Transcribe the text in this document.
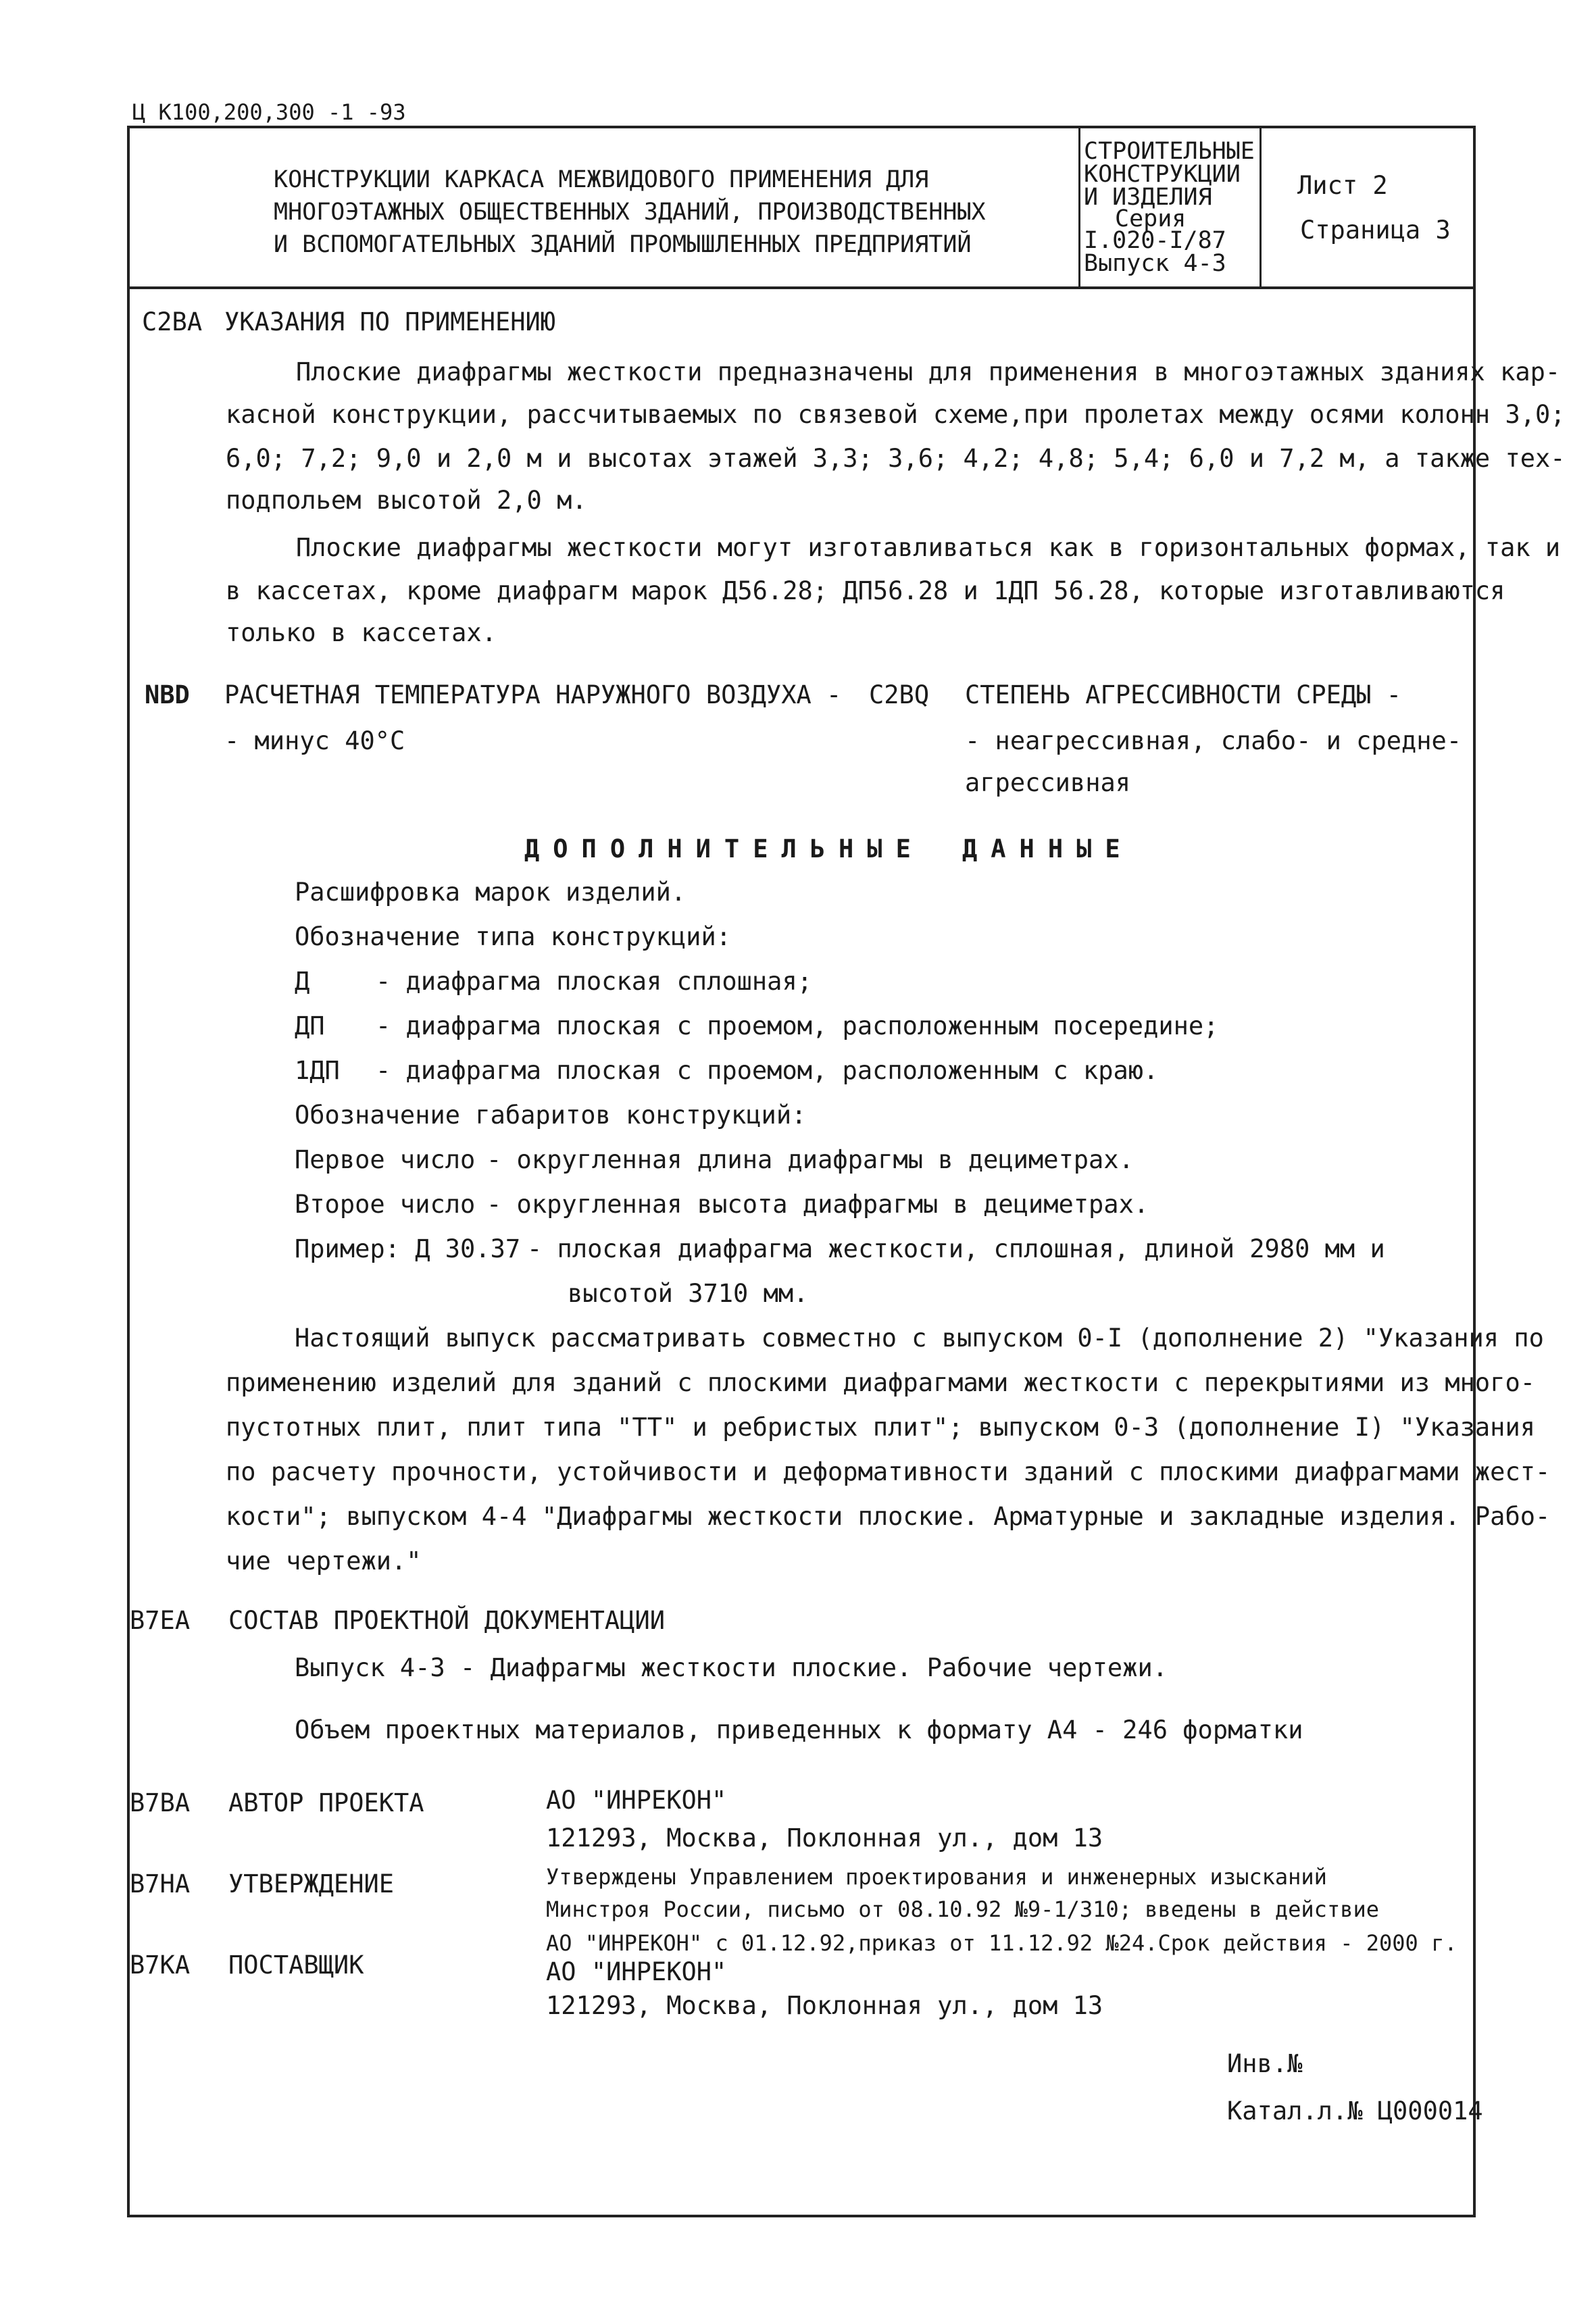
Ц К100,200,300 -1 -93
КОНСТРУКЦИИ КАРКАСА МЕЖВИДОВОГО ПРИМЕНЕНИЯ ДЛЯ
МНОГОЭТАЖНЫХ ОБЩЕСТВЕННЫХ ЗДАНИЙ, ПРОИЗВОДСТВЕННЫХ
И ВСПОМОГАТЕЛЬНЫХ ЗДАНИЙ ПРОМЫШЛЕННЫХ ПРЕДПРИЯТИЙ
СТРОИТЕЛЬНЫЕ
КОНСТРУКЦИИ
И ИЗДЕЛИЯ
Серия
I.020-I/87
Выпуск 4-3
Лист 2
Страница 3
C2BA УКАЗАНИЯ ПО ПРИМЕНЕНИЮ
Плоские диафрагмы жесткости предназначены для применения в многоэтажных зданиях кар-
касной конструкции, рассчитываемых по связевой схеме,при пролетах между осями колонн 3,0;
6,0; 7,2; 9,0 и 2,0 м и высотах этажей 3,3; 3,6; 4,2; 4,8; 5,4; 6,0 и 7,2 м, а также тех-
подпольем высотой 2,0 м.
Плоские диафрагмы жесткости могут изготавливаться как в горизонтальных формах, так и
в кассетах, кроме диафрагм марок Д56.28; ДП56.28 и 1ДП 56.28, которые изготавливаются
только в кассетах.
NBD РАСЧЕТНАЯ ТЕМПЕРАТУРА НАРУЖНОГО ВОЗДУХА -
- минус 40°С
C2BQ СТЕПЕНЬ АГРЕССИВНОСТИ СРЕДЫ -
- неагрессивная, слабо- и средне-
агрессивная
ДОПОЛНИТЕЛЬНЫЕ ДАННЫЕ
Расшифровка марок изделий.
Обозначение типа конструкций:
Д	- диафрагма плоская сплошная;
ДП - диафрагма плоская с проемом, расположенным посередине;
1ДП - диафрагма плоская с проемом, расположенным с краю.
Обозначение габаритов конструкций:
Первое число - округленная длина диафрагмы в дециметрах.
Второе число - округленная высота диафрагмы в дециметрах.
Пример: Д 30.37 - плоская диафрагма жесткости, сплошная, длиной 2980 мм и
высотой 3710 мм.
Настоящий выпуск рассматривать совместно с выпуском 0-I (дополнение 2) "Указания по
применению изделий для зданий с плоскими диафрагмами жесткости с перекрытиями из много-
пустотных плит, плит типа "ТТ" и ребристых плит"; выпуском 0-3 (дополнение I) "Указания
по расчету прочности, устойчивости и деформативности зданий с плоскими диафрагмами жест-
кости"; выпуском 4-4 "Диафрагмы жесткости плоские. Арматурные и закладные изделия. Рабо-
чие чертежи."
B7EA СОСТАВ ПРОЕКТНОЙ ДОКУМЕНТАЦИИ
Выпуск 4-3 - Диафрагмы жесткости плоские. Рабочие чертежи.
Объем проектных материалов, приведенных к формату А4 - 246 форматки
B7BA АВТОР ПРОЕКТА	АО "ИНРЕКОН"
121293, Москва, Поклонная ул., дом 13
B7HA УТВЕРЖДЕНИЕ	Утверждены Управлением проектирования и инженерных изысканий
Минстроя России, письмо от 08.10.92 №9-1/310; введены в действие
АО "ИНРЕКОН" с 01.12.92,приказ от 11.12.92 №24.Срок действия - 2000 г.
B7KA ПОСТАВЩИК	АО "ИНРЕКОН"
121293, Москва, Поклонная ул., дом 13
Инв.№
Катал.л.№ Ц000014
